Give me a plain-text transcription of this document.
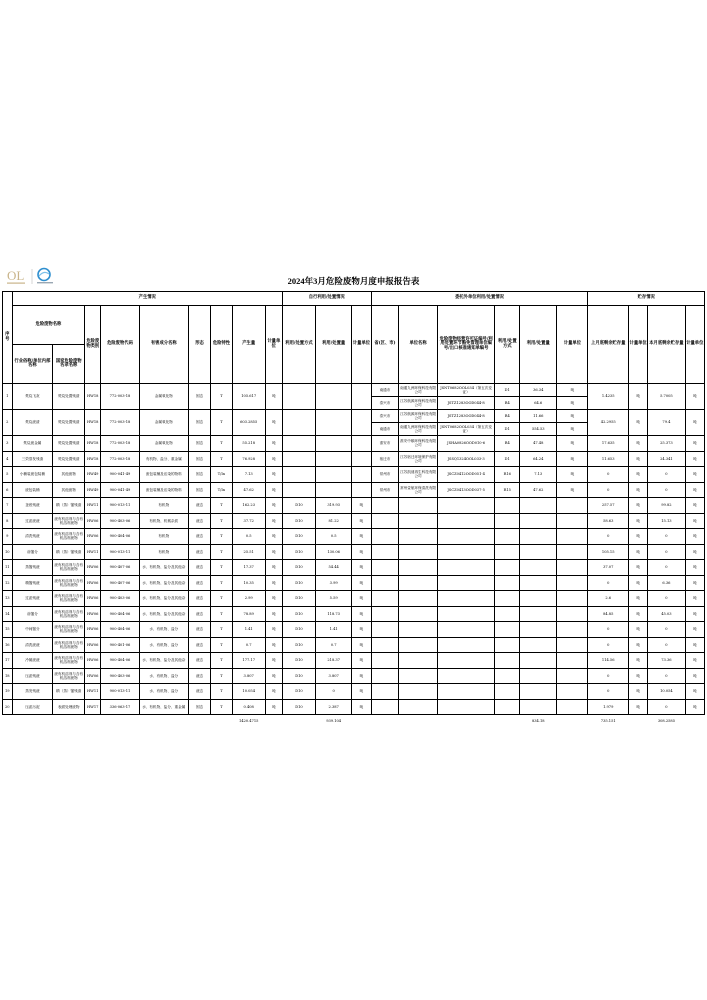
OL	2024年3月危险废物月度申报报告表
序号	产生情况									自行利用/处置情况			委托外单位利用/处置情况						贮存情况			
	危险废物名称		危险废物类别	危险废物代码	有害成分名称	形态	危险特性	产生量	计量单位	利用/处置方式	利用/处置量	计量单位	省(区、市)	单位名称	危险废物经营许可证编号/利用处置环节豁免管理单位编号/出口核准通知单编号	利用/处置方式	利用/处置量	计量单位	上月底剩余贮存量	计量单位	本月底剩余贮存量	计量单位
	行业俗称/单位内部名称	国家危险废物名录名称																				
1	焚烧飞灰	焚烧处置残渣	HW18	772-003-18	金属氧化物	固态	T	105.617	吨				南通市	南通九洲环保科技有限公司	JSNT0682OOL034（第五次变证）	D1	36.34	吨	1.4235	吨	5.7005	吨
													泰兴市	江苏航源环保科技有限公司	JSTZ1283OOD044-8	R4	64.6	吨				
2	焚烧废渣	焚烧处置残渣	HW18	772-003-18	金属氧化物	固态	T	603.2855	吨				泰兴市	江苏航源环保科技有限公司	JSTZ1283OOD044-8	R4	11.66	吨	42.2955	吨	79.4	吨
													南通市	南通九洲环保科技有限公司	JSNT0682OOL034（第五次变证）	D1	554.53	吨				
3	焚烧废金属	焚烧处置残渣	HW18	772-003-18	金属氧化物	固态	T	55.218	吨				淮安市	淮安中顺环保科技有限公司	JSHA0826OOD010-6	R4	47.48	吨	17.635	吨	25.373	吨
4	三效蒸发残渣	焚烧处置残渣	HW18	772-003-18	有机物、盐分、重金属	固态	T	76.928	吨				宿迁市	江苏宿迁环境保护有限公司	JSSQ1324OOL033-3	D1	64.24	吨	11.653	吨	24.341	吨
5	小桶装废包装桶	其他废物	HW49	900-041-49	废包装桶及沾染的物料	固态	T/In	7.13	吨				常州市	江苏凯迪再生科技有限公司	JSCZ0412OOD051-4	R16	7.13	吨	0	吨	0	吨
6	废包装桶	其他废物	HW49	900-041-49	废包装桶及沾染的物料	固态	T/In	47.62	吨				常州市	常州壹航环保清洗有限公司	JSCZ0413OOD037-5	R15	47.62	吨	0	吨	0	吨
7	釜底残液	精（蒸）馏残渣	HW11	900-013-11	有机物	液态	T	162.23	吨	D10	319.93	吨							257.57	吨	99.82	吨
8	过滤废液	废有机溶剂与含有机溶剂废物	HW06	900-403-06	有机物、机械杂质	液态	T	37.72	吨	D10	81.22	吨							58.63	吨	15.13	吨
9	清洗残液	废有机溶剂与含有机溶剂废物	HW06	900-404-06	有机物	液态	T	0.5	吨	D10	0.5	吨							0	吨	0	吨
10	前馏分	精（蒸）馏残渣	HW11	900-013-11	有机物	液态	T	25.51	吨	D10	130.06	吨							105.15	吨	0	吨
11	蒸馏残液	废有机溶剂与含有机溶剂废物	HW06	900-407-06	水、有机物、盐分及其他杂	液态	T	17.37	吨	D10	54.44	吨							37.07	吨	0	吨
12	精馏残液	废有机溶剂与含有机溶剂废物	HW06	900-407-06	水、有机物、盐分及其他杂	液态	T	10.35	吨	D10	3.99	吨							0	吨	6.36	吨
13	过滤残液	废有机溶剂与含有机溶剂废物	HW06	900-403-06	水、有机物、盐分及其他杂	液态	T	2.99	吨	D10	5.59	吨							2.6	吨	0	吨
14	前馏分	废有机溶剂与含有机溶剂废物	HW06	900-404-06	水、有机物、盐分及其他杂	液态	T	78.89	吨	D10	118.73	吨							84.85	吨	45.03	吨
15	中间馏分	废有机溶剂与含有机溶剂废物	HW06	900-404-06	水、有机物、盐分	液态	T	1.41	吨	D10	1.41	吨							0	吨	0	吨
16	清洗废液	废有机溶剂与含有机溶剂废物	HW06	900-401-06	水、有机物、盐分	液态	T	0.7	吨	D10	0.7	吨							0	吨	0	吨
17	冷凝废液	废有机溶剂与含有机溶剂废物	HW06	900-404-06	水、有机物、盐分及其他杂	液态	T	177.17	吨	D10	218.37	吨							114.56	吨	73.36	吨
18	压滤残液	废有机溶剂与含有机溶剂废物	HW06	900-403-06	水、有机物、盐分	液态	T	3.807	吨	D10	3.807	吨							0	吨	0	吨
19	蒸发残液	精（蒸）馏残渣	HW11	900-013-11	水、有机物、盐分	液态	T	10.054	吨	D10	0	吨							0	吨	10.054	吨
20	压滤污泥	表面处理废物	HW17	336-063-17	水、有机物、盐分、重金属	固态	T	0.408	吨	D10	2.387	吨							1.979	吨	0	吨
								1420.4715			939.104						834.18		735.151		308.2585	
